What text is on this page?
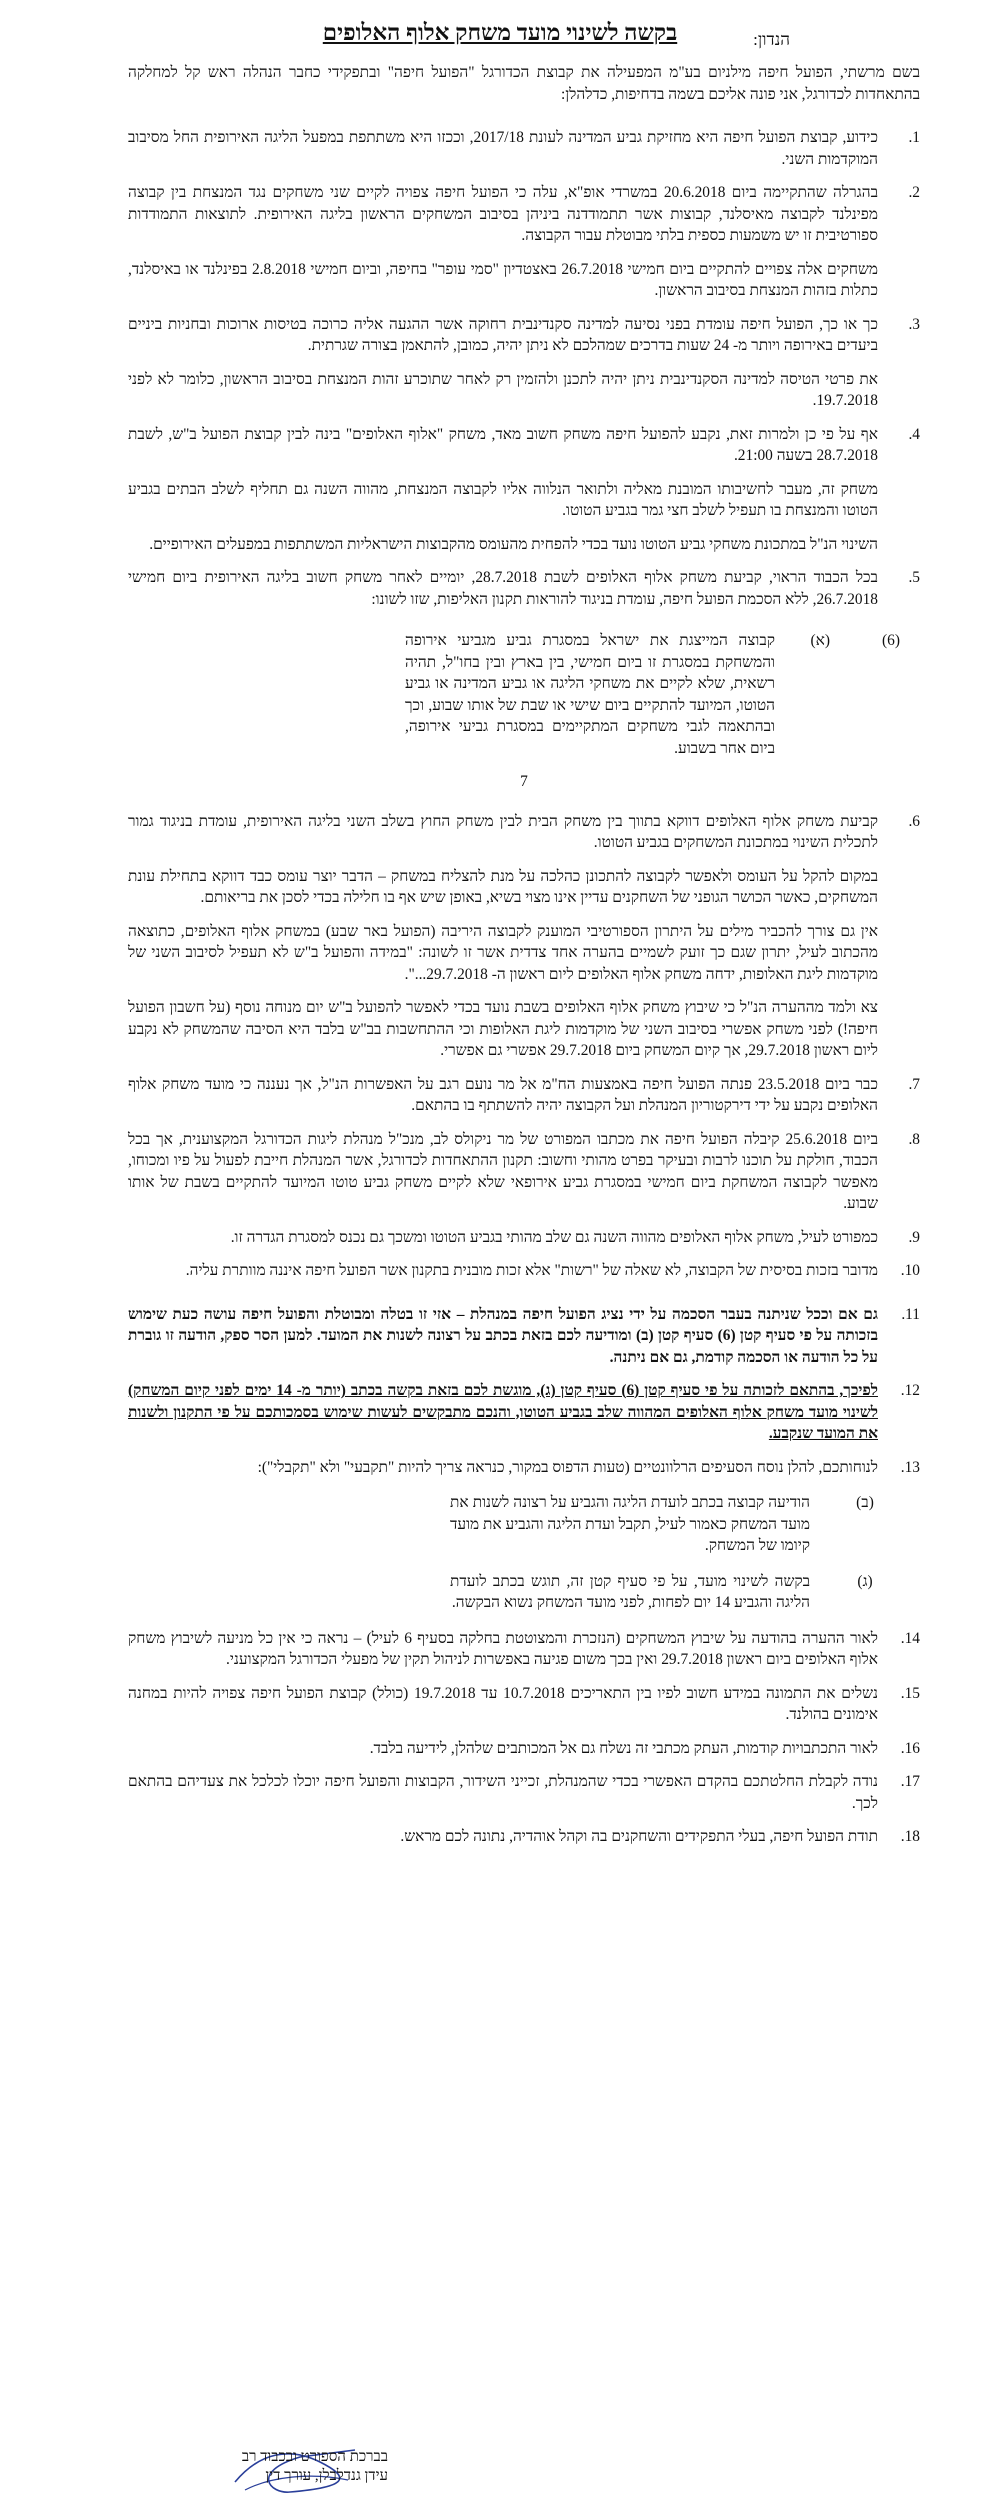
הנדון:
בקשה לשינוי מועד משחק אלוף האלופים

בשם מרשתי, הפועל חיפה מילניום בע"מ המפעילה את קבוצת הכדורגל "הפועל חיפה" ובתפקידי כחבר הנהלה ראש קל למחלקה בהתאחדות לכדורגל, אני פונה אליכם בשמה בדחיפות, כדלהלן:

1.

כידוע, קבוצת הפועל חיפה היא מחזיקת גביע המדינה לעונת 2017/18, וככזו היא משתתפת במפעל הליגה האירופית החל מסיבוב המוקדמות השני.

2.

בהגרלה שהתקיימה ביום 20.6.2018 במשרדי אופ"א, עלה כי הפועל חיפה צפויה לקיים שני משחקים נגד המנצחת בין קבוצה מפינלנד לקבוצה מאיסלנד, קבוצות אשר תתמודדנה ביניהן בסיבוב המשחקים הראשון בליגה האירופית. לתוצאות התמודדות ספורטיבית זו יש משמעות כספית בלתי מבוטלת עבור הקבוצה.

משחקים אלה צפויים להתקיים ביום חמישי 26.7.2018 באצטדיון "סמי עופר" בחיפה, וביום חמישי 2.8.2018 בפינלנד או באיסלנד, כתלות בזהות המנצחת בסיבוב הראשון.

3.

כך או כך, הפועל חיפה עומדת בפני נסיעה למדינה סקנדינבית רחוקה אשר ההגעה אליה כרוכה בטיסות ארוכות ובחניות ביניים ביעדים באירופה ויותר מ- 24 שעות בדרכים שמהלכם לא ניתן יהיה, כמובן, להתאמן בצורה שגרתית.

את פרטי הטיסה למדינה הסקנדינבית ניתן יהיה לתכנן ולהזמין רק לאחר שתוכרע זהות המנצחת בסיבוב הראשון, כלומר לא לפני 19.7.2018.

4.

אף על פי כן ולמרות זאת, נקבע להפועל חיפה משחק חשוב מאד, משחק "אלוף האלופים" בינה לבין קבוצת הפועל ב"ש, לשבת 28.7.2018 בשעה 21:00.

משחק זה, מעבר לחשיבותו המובנת מאליה ולתואר הנלווה אליו לקבוצה המנצחת, מהווה השנה גם תחליף לשלב הבתים בגביע הטוטו והמנצחת בו תעפיל לשלב חצי גמר בגביע הטוטו.

השינוי הנ"ל במתכונת משחקי גביע הטוטו נועד בכדי להפחית מהעומס מהקבוצות הישראליות המשתתפות במפעלים האירופיים.

5.

בכל הכבוד הראוי, קביעת משחק אלוף האלופים לשבת 28.7.2018, יומיים לאחר משחק חשוב בליגה האירופית ביום חמישי 26.7.2018, ללא הסכמת הפועל חיפה, עומדת בניגוד להוראות תקנון האליפות, שזו לשונו:

(6)
(א)
קבוצה המייצגת את ישראל במסגרת גביע מגביעי אירופה והמשחקת במסגרת זו ביום חמישי, בין בארץ ובין בחו"ל, תהיה רשאית, שלא לקיים את משחקי הליגה או גביע המדינה או גביע הטוטו, המיועד להתקיים ביום שישי או שבת של אותו שבוע, וכך ובהתאמה לגבי משחקים המתקיימים במסגרת גביעי אירופה, ביום אחר בשבוע.
7
6.

קביעת משחק אלוף האלופים דווקא בתווך בין משחק הבית לבין משחק החוץ בשלב השני בליגה האירופית, עומדת בניגוד גמור לתכלית השינוי במתכונת המשחקים בגביע הטוטו.

במקום להקל על העומס ולאפשר לקבוצה להתכונן כהלכה על מנת להצליח במשחק – הדבר יוצר עומס כבד דווקא בתחילת עונת המשחקים, כאשר הכושר הגופני של השחקנים עדיין אינו מצוי בשיא, באופן שיש אף בו חלילה בכדי לסכן את בריאותם.

אין גם צורך להכביר מילים על היתרון הספורטיבי המוענק לקבוצה היריבה (הפועל באר שבע) במשחק אלוף האלופים, כתוצאה מהכתוב לעיל, יתרון שגם כך זועק לשמיים בהערה אחד צדדית אשר זו לשונה: "במידה והפועל ב"ש לא תעפיל לסיבוב השני של מוקדמות ליגת האלופות, ידחה משחק אלוף האלופים ליום ראשון ה- 29.7.2018...".

צא ולמד מההערה הנ"ל כי שיבוץ משחק אלוף האלופים בשבת נועד בכדי לאפשר להפועל ב"ש יום מנוחה נוסף (על חשבון הפועל חיפה!) לפני משחק אפשרי בסיבוב השני של מוקדמות ליגת האלופות וכי ההתחשבות בב"ש בלבד היא הסיבה שהמשחק לא נקבע ליום ראשון 29.7.2018, אך קיום המשחק ביום 29.7.2018 אפשרי גם אפשרי.

7.

כבר ביום 23.5.2018 פנתה הפועל חיפה באמצעות הח"מ אל מר נועם רגב על האפשרות הנ"ל, אך נעננה כי מועד משחק אלוף האלופים נקבע על ידי דירקטוריון המנהלת ועל הקבוצה יהיה להשתתף בו בהתאם.

8.

ביום 25.6.2018 קיבלה הפועל חיפה את מכתבו המפורט של מר ניקולס לב, מנכ"ל מנהלת ליגות הכדורגל המקצוענית, אך בכל הכבוד, חולקת על תוכנו לרבות ובעיקר בפרט מהותי וחשוב: תקנון ההתאחדות לכדורגל, אשר המנהלת חייבת לפעול על פיו ומכוחו, מאפשר לקבוצה המשחקת ביום חמישי במסגרת גביע אירופאי שלא לקיים משחק גביע טוטו המיועד להתקיים בשבת של אותו שבוע.

9.

כמפורט לעיל, משחק אלוף האלופים מהווה השנה גם שלב מהותי בגביע הטוטו ומשכך גם נכנס למסגרת הגדרה זו.

10.

מדובר בזכות בסיסית של הקבוצה, לא שאלה של "רשות" אלא זכות מובנית בתקנון אשר הפועל חיפה איננה מוותרת עליה.

11.
גם אם וככל שניתנה בעבר הסכמה על ידי נציג הפועל חיפה במנהלת – אזי זו בטלה ומבוטלת והפועל חיפה עושה כעת שימוש בזכותה על פי סעיף קטן (6) סעיף קטן (ב) ומודיעה לכם בזאת בכתב על רצונה לשנות את המועד. למען הסר ספק, הודעה זו גוברת על כל הודעה או הסכמה קודמת, גם אם ניתנה.
12.
לפיכך, בהתאם לזכותה על פי סעיף קטן (6) סעיף קטן (ג), מוגשת לכם בזאת בקשה בכתב (יותר מ- 14 ימים לפני קיום המשחק) לשינוי מועד משחק אלוף האלופים המהווה שלב בגביע הטוטו, והנכם מתבקשים לעשות שימוש בסמכותכם על פי התקנון ולשנות את המועד שנקבע.
13.
לנוחותכם, להלן נוסח הסעיפים הרלוונטיים (טעות הדפוס במקור, כנראה צריך להיות "תקבעי" ולא "תקבלי"):
(ב)
הודיעה קבוצה בכתב לועדת הליגה והגביע על רצונה לשנות את מועד המשחק כאמור לעיל, תקבל ועדת הליגה והגביע את מועד קיומו של המשחק.
(ג)
בקשה לשינוי מועד, על פי סעיף קטן זה, תוגש בכתב לועדת הליגה והגביע 14 יום לפחות, לפני מועד המשחק נשוא הבקשה.
14.
לאור ההערה בהודעה על שיבוץ המשחקים (הנזכרת והמצוטטת בחלקה בסעיף 6 לעיל) – נראה כי אין כל מניעה לשיבוץ משחק אלוף האלופים ביום ראשון 29.7.2018 ואין בכך משום פגיעה באפשרות לניהול תקין של מפעלי הכדורגל המקצועני.
15.
נשלים את התמונה במידע חשוב לפיו בין התאריכים 10.7.2018 עד 19.7.2018 (כולל) קבוצת הפועל חיפה צפויה להיות במחנה אימונים בהולנד.
16.
לאור התכתבויות קודמות, העתק מכתבי זה נשלח גם אל המכותבים שלהלן, לידיעה בלבד.
17.
נודה לקבלת החלטתכם בהקדם האפשרי בכדי שהמנהלת, זכייני השידור, הקבוצות והפועל חיפה יוכלו לכלכל את צעדיהם בהתאם לכך.
18.
תודת הפועל חיפה, בעלי התפקידים והשחקנים בה וקהל אוהדיה, נתונה לכם מראש.
בברכת הספורט ובכבוד רב
עידן גנדלבלן, עורך דין
